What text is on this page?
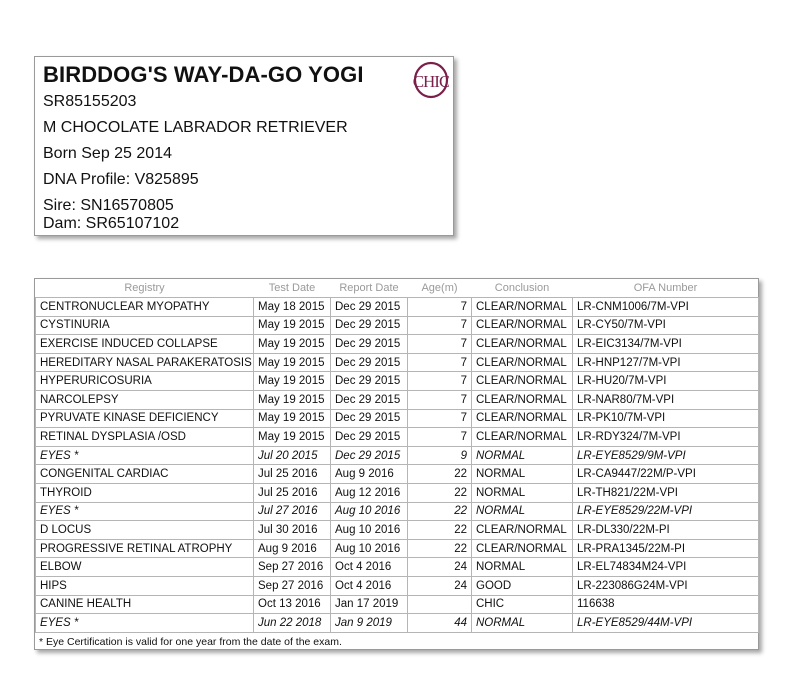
BIRDDOG'S WAY-DA-GO YOGI
SR85155203
M CHOCOLATE LABRADOR RETRIEVER
Born Sep 25 2014
DNA Profile: V825895
Sire: SN16570805
Dam: SR65107102
CHIC
Registry	Test Date	Report Date	Age(m)	Conclusion	OFA Number
CENTRONUCLEAR MYOPATHY	May 18 2015	Dec 29 2015	7	CLEAR/NORMAL	LR-CNM1006/7M-VPI
CYSTINURIA	May 19 2015	Dec 29 2015	7	CLEAR/NORMAL	LR-CY50/7M-VPI
EXERCISE INDUCED COLLAPSE	May 19 2015	Dec 29 2015	7	CLEAR/NORMAL	LR-EIC3134/7M-VPI
HEREDITARY NASAL PARAKERATOSIS	May 19 2015	Dec 29 2015	7	CLEAR/NORMAL	LR-HNP127/7M-VPI
HYPERURICOSURIA	May 19 2015	Dec 29 2015	7	CLEAR/NORMAL	LR-HU20/7M-VPI
NARCOLEPSY	May 19 2015	Dec 29 2015	7	CLEAR/NORMAL	LR-NAR80/7M-VPI
PYRUVATE KINASE DEFICIENCY	May 19 2015	Dec 29 2015	7	CLEAR/NORMAL	LR-PK10/7M-VPI
RETINAL DYSPLASIA /OSD	May 19 2015	Dec 29 2015	7	CLEAR/NORMAL	LR-RDY324/7M-VPI
EYES *	Jul 20 2015	Dec 29 2015	9	NORMAL	LR-EYE8529/9M-VPI
CONGENITAL CARDIAC	Jul 25 2016	Aug 9 2016	22	NORMAL	LR-CA9447/22M/P-VPI
THYROID	Jul 25 2016	Aug 12 2016	22	NORMAL	LR-TH821/22M-VPI
EYES *	Jul 27 2016	Aug 10 2016	22	NORMAL	LR-EYE8529/22M-VPI
D LOCUS	Jul 30 2016	Aug 10 2016	22	CLEAR/NORMAL	LR-DL330/22M-PI
PROGRESSIVE RETINAL ATROPHY	Aug 9 2016	Aug 10 2016	22	CLEAR/NORMAL	LR-PRA1345/22M-PI
ELBOW	Sep 27 2016	Oct 4 2016	24	NORMAL	LR-EL74834M24-VPI
HIPS	Sep 27 2016	Oct 4 2016	24	GOOD	LR-223086G24M-VPI
CANINE HEALTH	Oct 13 2016	Jan 17 2019		CHIC	116638
EYES *	Jun 22 2018	Jan 9 2019	44	NORMAL	LR-EYE8529/44M-VPI
* Eye Certification is valid for one year from the date of the exam.
